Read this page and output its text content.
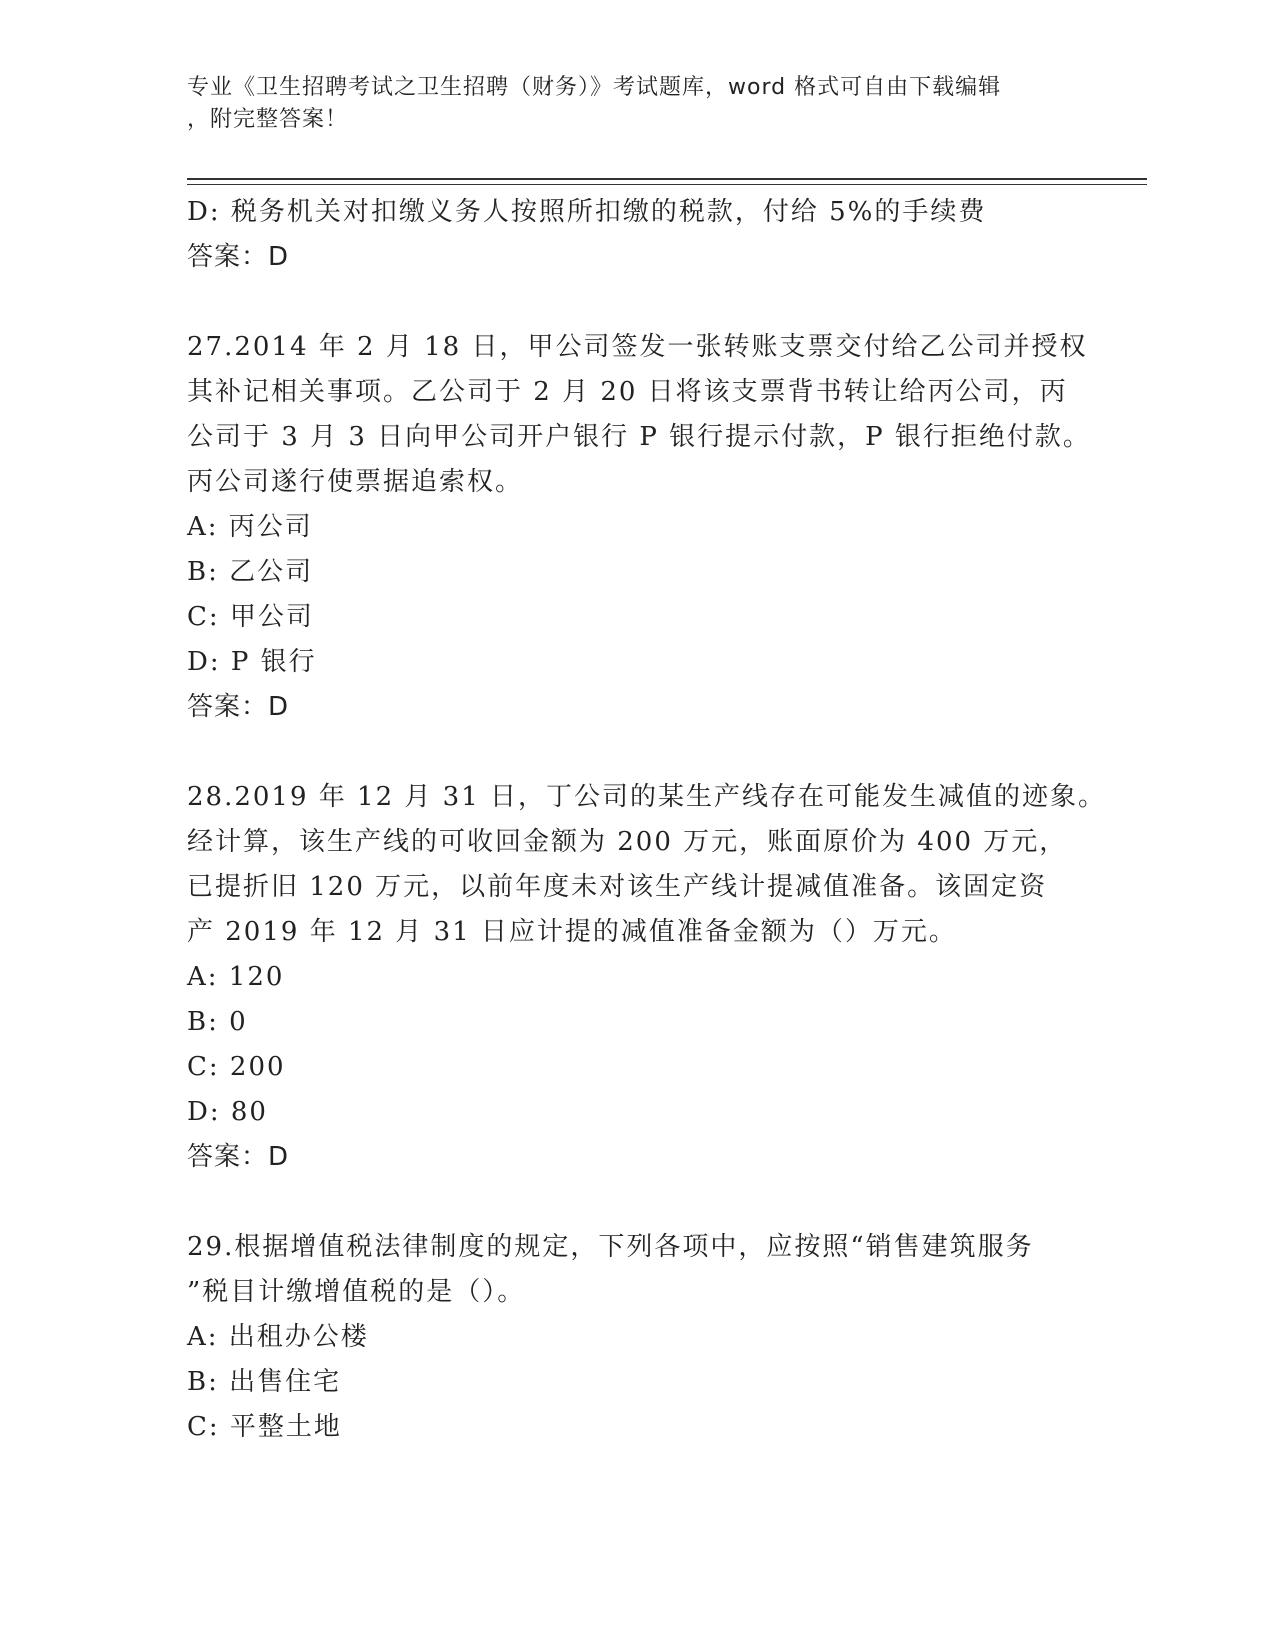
专业《卫生招聘考试之卫生招聘（财务）》考试题库，word 格式可自由下载编辑
，附完整答案！
D: 税务机关对扣缴义务人按照所扣缴的税款，付给 5%的手续费
答案：D
27.2014 年 2 月 18 日，甲公司签发一张转账支票交付给乙公司并授权
其补记相关事项。乙公司于 2 月 20 日将该支票背书转让给丙公司，丙
公司于 3 月 3 日向甲公司开户银行 P 银行提示付款，P 银行拒绝付款。
丙公司遂行使票据追索权。
A: 丙公司
B: 乙公司
C: 甲公司
D: P 银行
答案：D
28.2019 年 12 月 31 日，丁公司的某生产线存在可能发生减值的迹象。
经计算，该生产线的可收回金额为 200 万元，账面原价为 400 万元，
已提折旧 120 万元，以前年度未对该生产线计提减值准备。该固定资
产 2019 年 12 月 31 日应计提的减值准备金额为（）万元。
A: 120
B: 0
C: 200
D: 80
答案：D
29.根据增值税法律制度的规定，下列各项中，应按照“销售建筑服务
”税目计缴增值税的是（）。
A: 出租办公楼
B: 出售住宅
C: 平整土地
